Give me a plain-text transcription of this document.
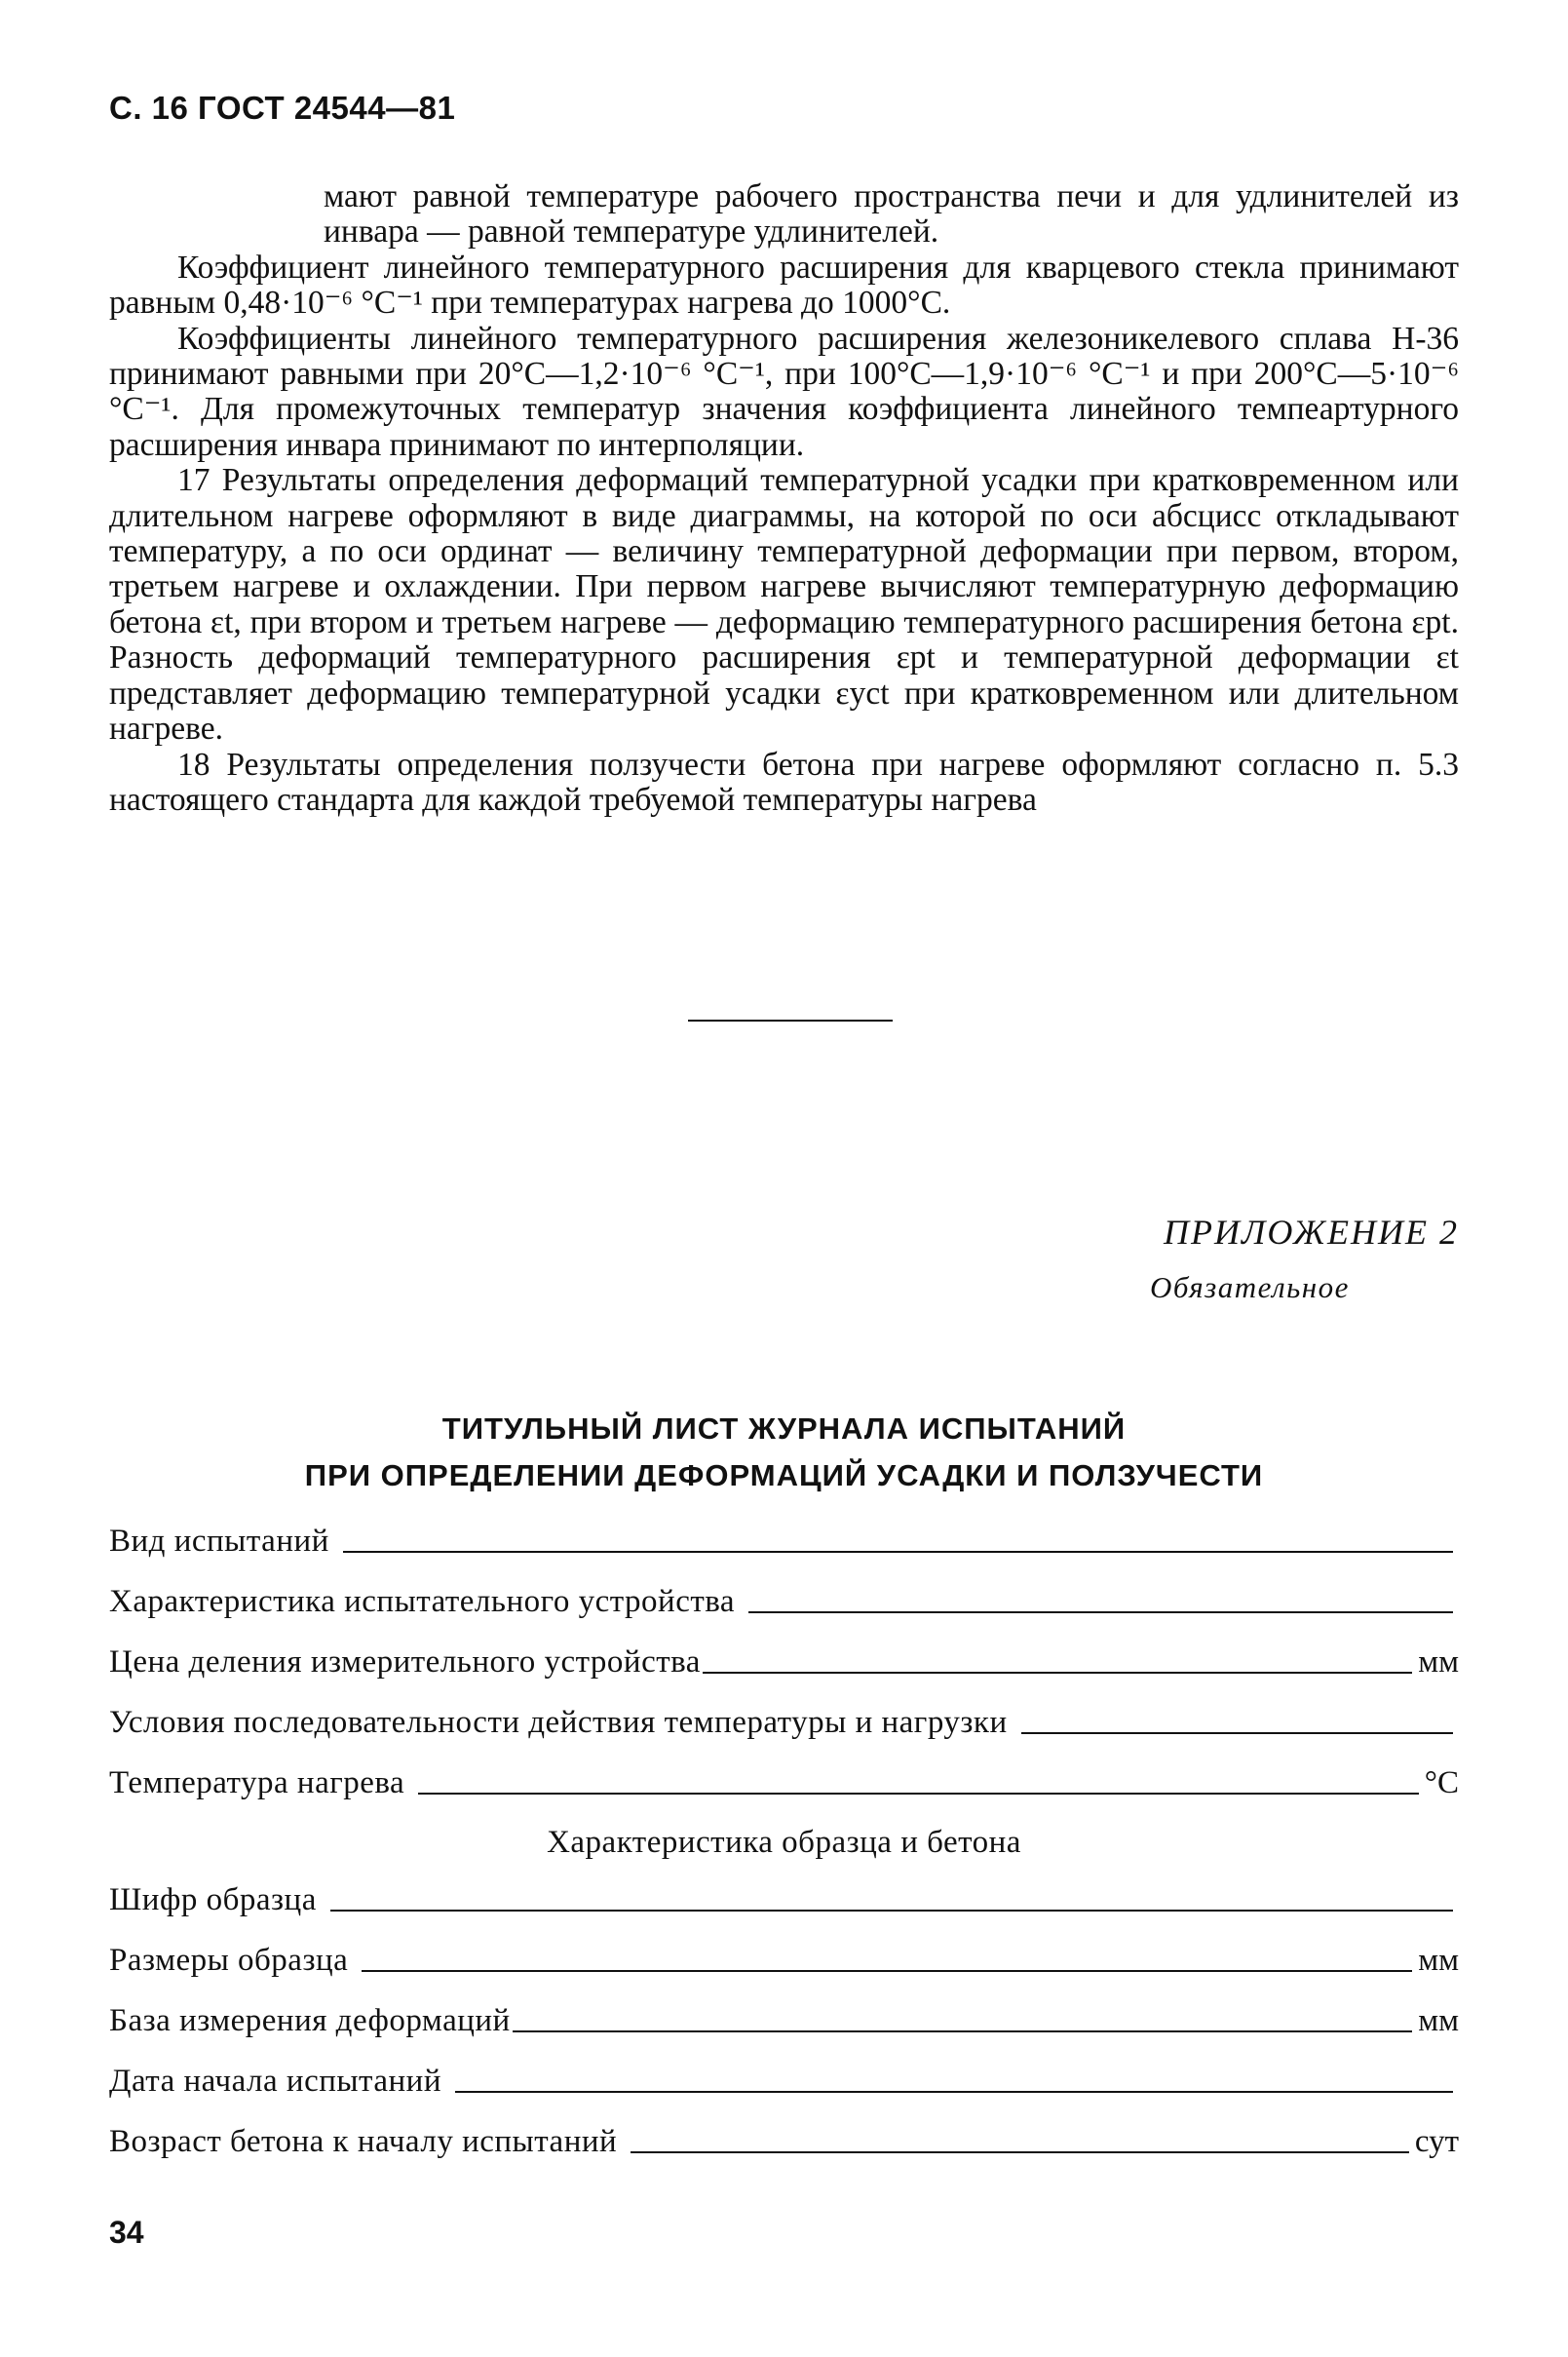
С. 16 ГОСТ 24544—81

мают равной температуре рабочего пространства печи и для удлинителей из инвара — равной температуре удлинителей.

Коэффициент линейного температурного расширения для кварцевого стекла принимают равным 0,48·10⁻⁶ °С⁻¹ при температурах нагрева до 1000°С.

Коэффициенты линейного температурного расширения железоникелевого сплава Н-36 принимают равными при 20°С—1,2·10⁻⁶ °С⁻¹, при 100°С—1,9·10⁻⁶ °С⁻¹ и при 200°С—5·10⁻⁶ °С⁻¹. Для промежуточных температур значения коэффициента линейного темпеартурного расширения инвара принимают по интерполяции.

17 Результаты определения деформаций температурной усадки при кратковременном или длительном нагреве оформляют в виде диаграммы, на которой по оси абсцисс откладывают температуру, а по оси ординат — величину температурной деформации при первом, втором, третьем нагреве и охлаждении. При первом нагреве вычисляют температурную деформацию бетона εt, при втором и третьем нагреве — деформацию температурного расширения бетона εpt. Разность деформаций температурного расширения εpt и температурной деформации εt представляет деформацию температурной усадки εyct при кратковременном или длительном нагреве.

18 Результаты определения ползучести бетона при нагреве оформляют согласно п. 5.3 настоящего стандарта для каждой требуемой температуры нагрева

ПРИЛОЖЕНИЕ 2
Обязательное
ТИТУЛЬНЫЙ ЛИСТ ЖУРНАЛА ИСПЫТАНИЙ
ПРИ ОПРЕДЕЛЕНИИ ДЕФОРМАЦИЙ УСАДКИ И ПОЛЗУЧЕСТИ
Вид испытаний
Характеристика испытательного устройства
Цена деления измерительного устройства	мм
Условия последовательности действия температуры и нагрузки
Температура нагрева	°С
Характеристика образца и бетона
Шифр образца
Размеры образца	мм
База измерения деформаций	мм
Дата начала испытаний
Возраст бетона к началу испытаний	сут
34
